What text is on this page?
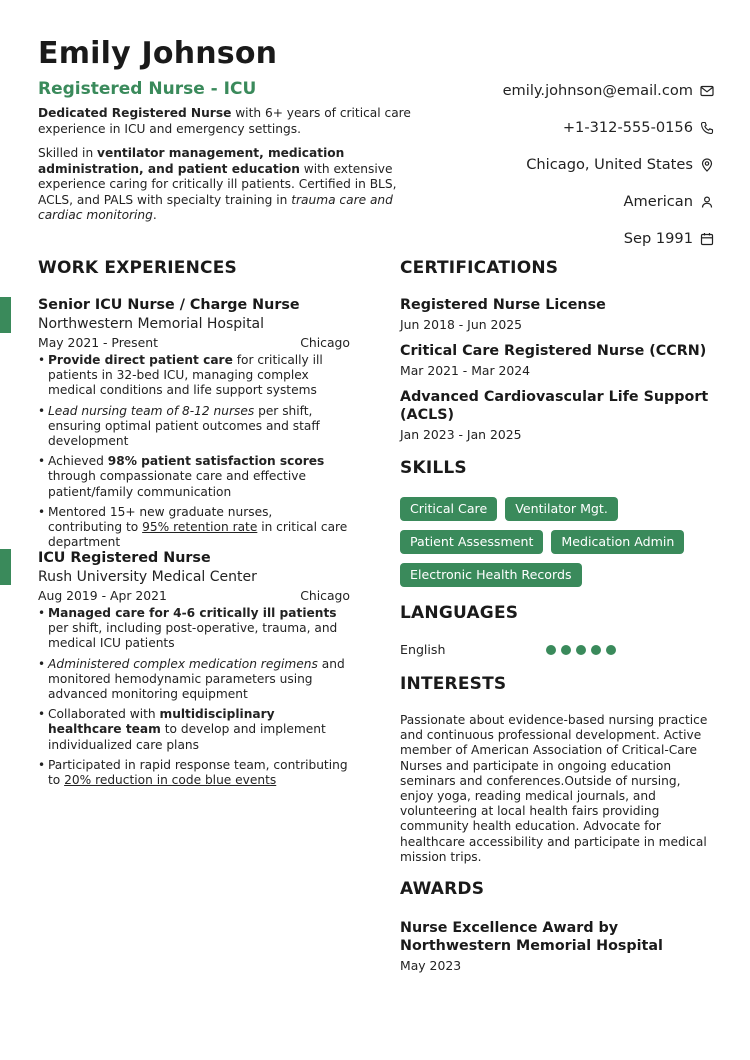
Emily Johnson
Registered Nurse - ICU

Dedicated Registered Nurse with 6+ years of critical care experience in ICU and emergency settings.

Skilled in ventilator management, medication administration, and patient education with extensive experience caring for critically ill patients. Certified in BLS, ACLS, and PALS with specialty training in trauma care and cardiac monitoring.

emily.johnson@email.com
+1-312-555-0156
Chicago, United States
American
Sep 1991
WORK EXPERIENCES	CERTIFICATIONS
SKILLS
LANGUAGES
INTERESTS
AWARDS
Senior ICU Nurse / Charge Nurse
Northwestern Memorial Hospital
May 2021 - Present	Chicago
• Provide direct patient care for critically ill patients in 32-bed ICU, managing complex medical conditions and life support systems
• Lead nursing team of 8-12 nurses per shift, ensuring optimal patient outcomes and staff development
• Achieved 98% patient satisfaction scores through compassionate care and effective patient/family communication
• Mentored 15+ new graduate nurses, contributing to 95% retention rate in critical care department
ICU Registered Nurse
Rush University Medical Center
Aug 2019 - Apr 2021	Chicago
• Managed care for 4-6 critically ill patients per shift, including post-operative, trauma, and medical ICU patients
• Administered complex medication regimens and monitored hemodynamic parameters using advanced monitoring equipment
• Collaborated with multidisciplinary healthcare team to develop and implement individualized care plans
• Participated in rapid response team, contributing to 20% reduction in code blue events
Registered Nurse License
Jun 2018 - Jun 2025
Critical Care Registered Nurse (CCRN)
Mar 2021 - Mar 2024
Advanced Cardiovascular Life Support (ACLS)
Jan 2023 - Jan 2025
Critical Care	Ventilator Mgt.
Patient Assessment	Medication Admin
Electronic Health Records
English
Passionate about evidence-based nursing practice and continuous professional development. Active member of American Association of Critical-Care Nurses and participate in ongoing education seminars and conferences.Outside of nursing, enjoy yoga, reading medical journals, and volunteering at local health fairs providing community health education. Advocate for healthcare accessibility and participate in medical mission trips.
Nurse Excellence Award by Northwestern Memorial Hospital
May 2023
